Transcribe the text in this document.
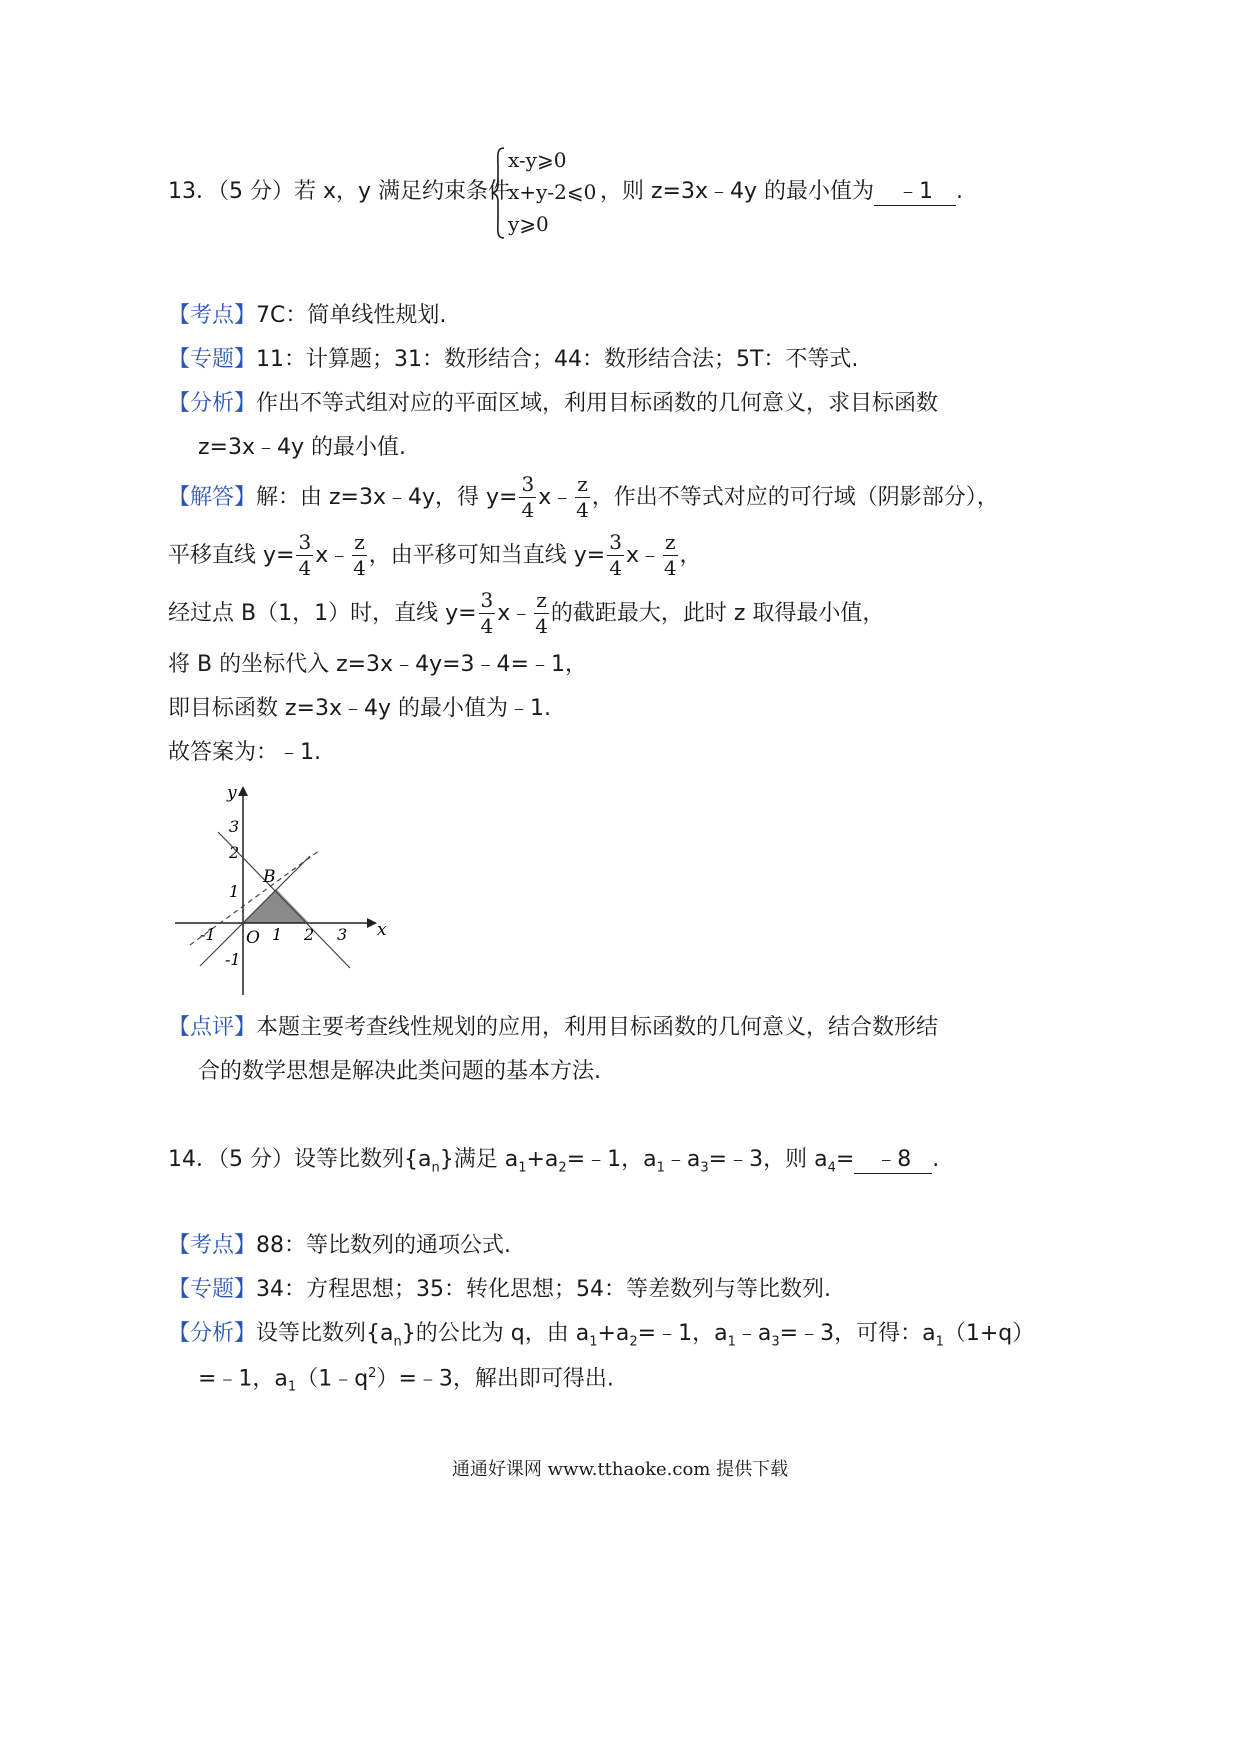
13．（5 分）若 x，y 满足约束条件
x-y⩾0
x+y-2⩽0
y⩾0
，则 z=3x﹣4y 的最小值为 ﹣1 .
【考点】7C：简单线性规划.
【专题】11：计算题；31：数形结合；44：数形结合法；5T：不等式.
【分析】作出不等式组对应的平面区域，利用目标函数的几何意义，求目标函数
z=3x﹣4y 的最小值.
【解答】 解：由 z=3x﹣4y，得 $y= \frac{3}{4}$ x﹣ $\frac{z}{4}$ ，作出不等式对应的可行域（阴影部分），
平移直线 $y= \frac{3}{4}$ x﹣ $\frac{z}{4}$ ，由平移可知当直线 $y= \frac{3}{4}$ x﹣ $\frac{z}{4}$ ，
经过点 B（1，1）时，直线 $y= \frac{3}{4}$ x﹣ $\frac{z}{4}$ 的截距最大，此时 z 取得最小值，
将 B 的坐标代入 z=3x﹣4y=3﹣4=﹣1，
即目标函数 z=3x﹣4y 的最小值为﹣1.
故答案为：﹣1.
y
x
O
B
-1	1 2 3
3
2
1
-1
【点评】本题主要考查线性规划的应用，利用目标函数的几何意义，结合数形结
合的数学思想是解决此类问题的基本方法.
14．（5 分）设等比数列$\{a_n\}$满足 $a_1+a_2=﹣1$，$a_1﹣a_3=﹣3$，则 $a_4=$ ﹣8 .
【考点】88：等比数列的通项公式.
【专题】34：方程思想；35：转化思想；54：等差数列与等比数列.
【分析】设等比数列$\{a_n\}$的公比为 q，由 $a_1+a_2=﹣1$，$a_1﹣a_3=﹣3$，可得：$a_1(1+q)$
=﹣1，$a_1(1﹣q^2)=﹣3$，解出即可得出.
通通好课网 www.tthaoke.com 提供下载
